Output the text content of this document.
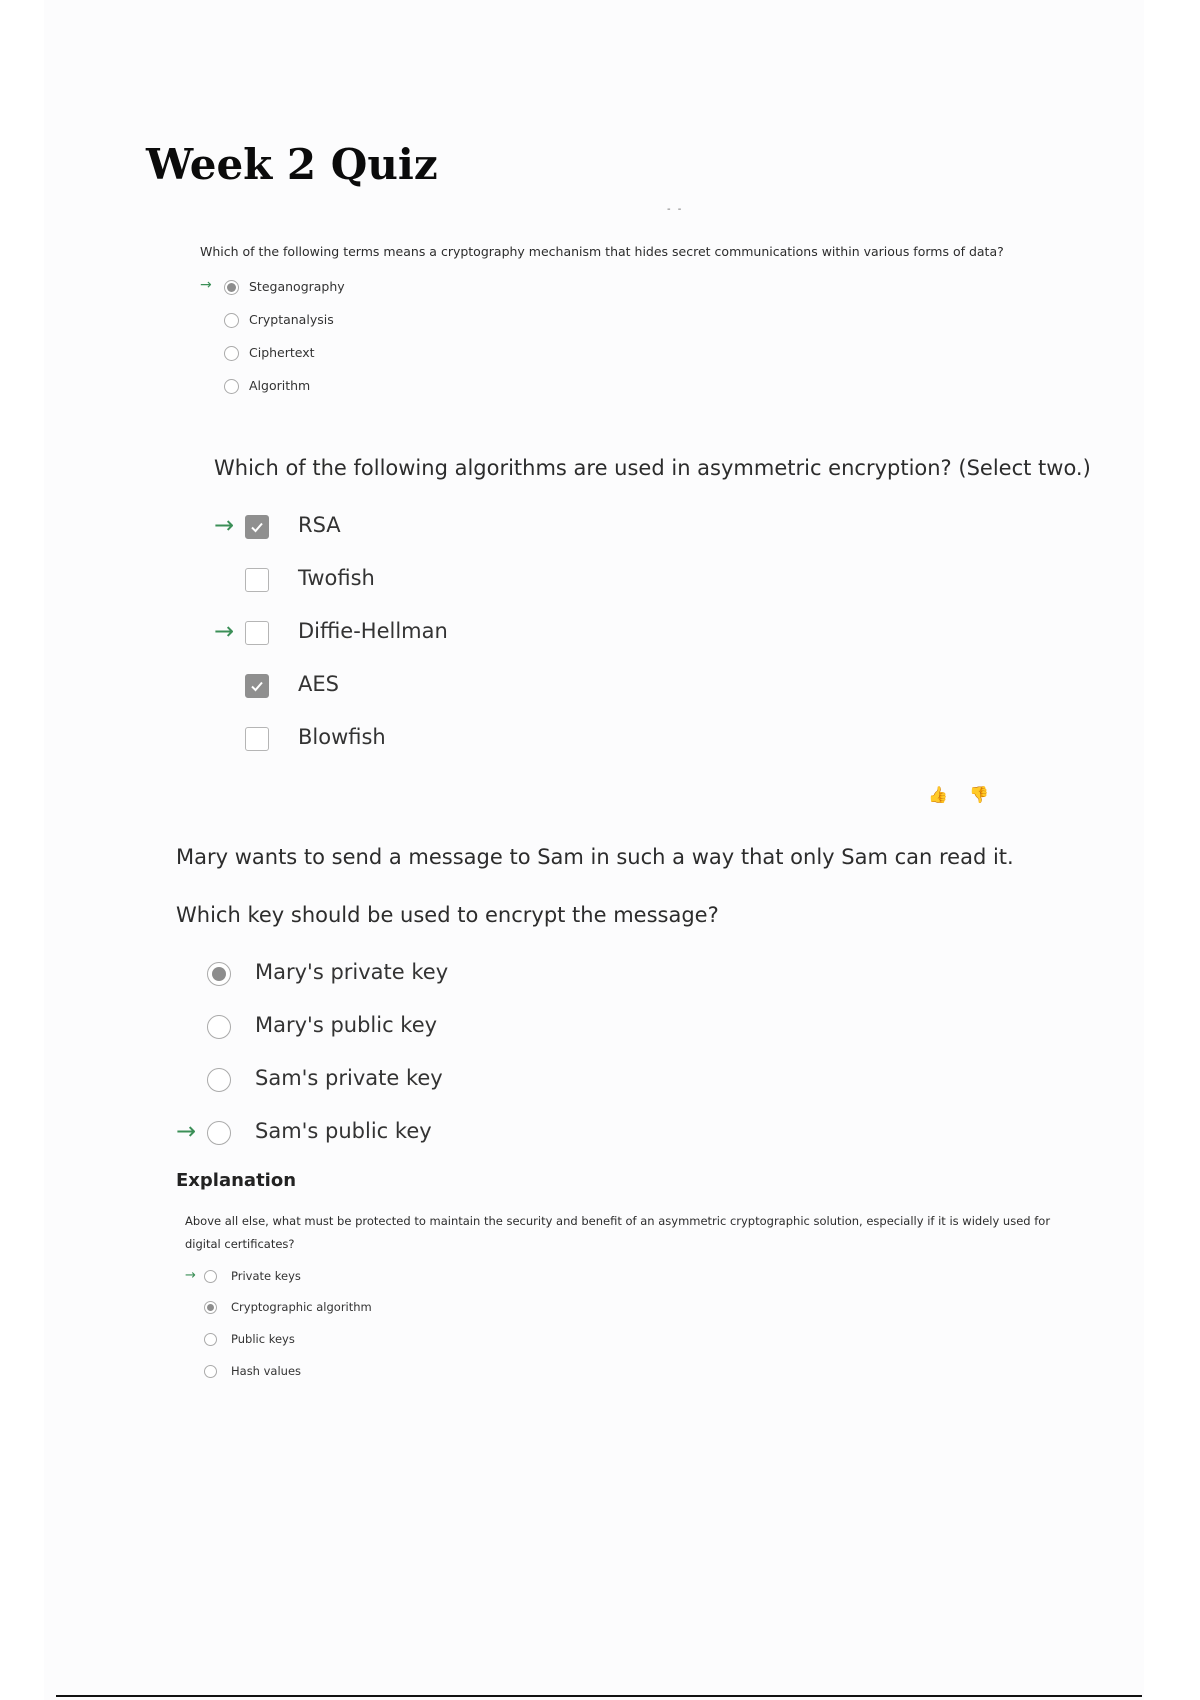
Week 2 Quiz
- -

Which of the following terms means a cryptography mechanism that hides secret communications within various forms of data?

→	Steganography
Cryptanalysis
Ciphertext
Algorithm

Which of the following algorithms are used in asymmetric encryption? (Select two.)

→	RSA
Twofish
→	Diffie-Hellman
AES
Blowfish
👍 👎

Mary wants to send a message to Sam in such a way that only Sam can read it.

Which key should be used to encrypt the message?

Mary's private key
Mary's public key
Sam's private key
→	Sam's public key
Explanation

Above all else, what must be protected to maintain the security and benefit of an asymmetric cryptographic solution, especially if it is widely used for digital certificates?

→	Private keys
Cryptographic algorithm
Public keys
Hash values
